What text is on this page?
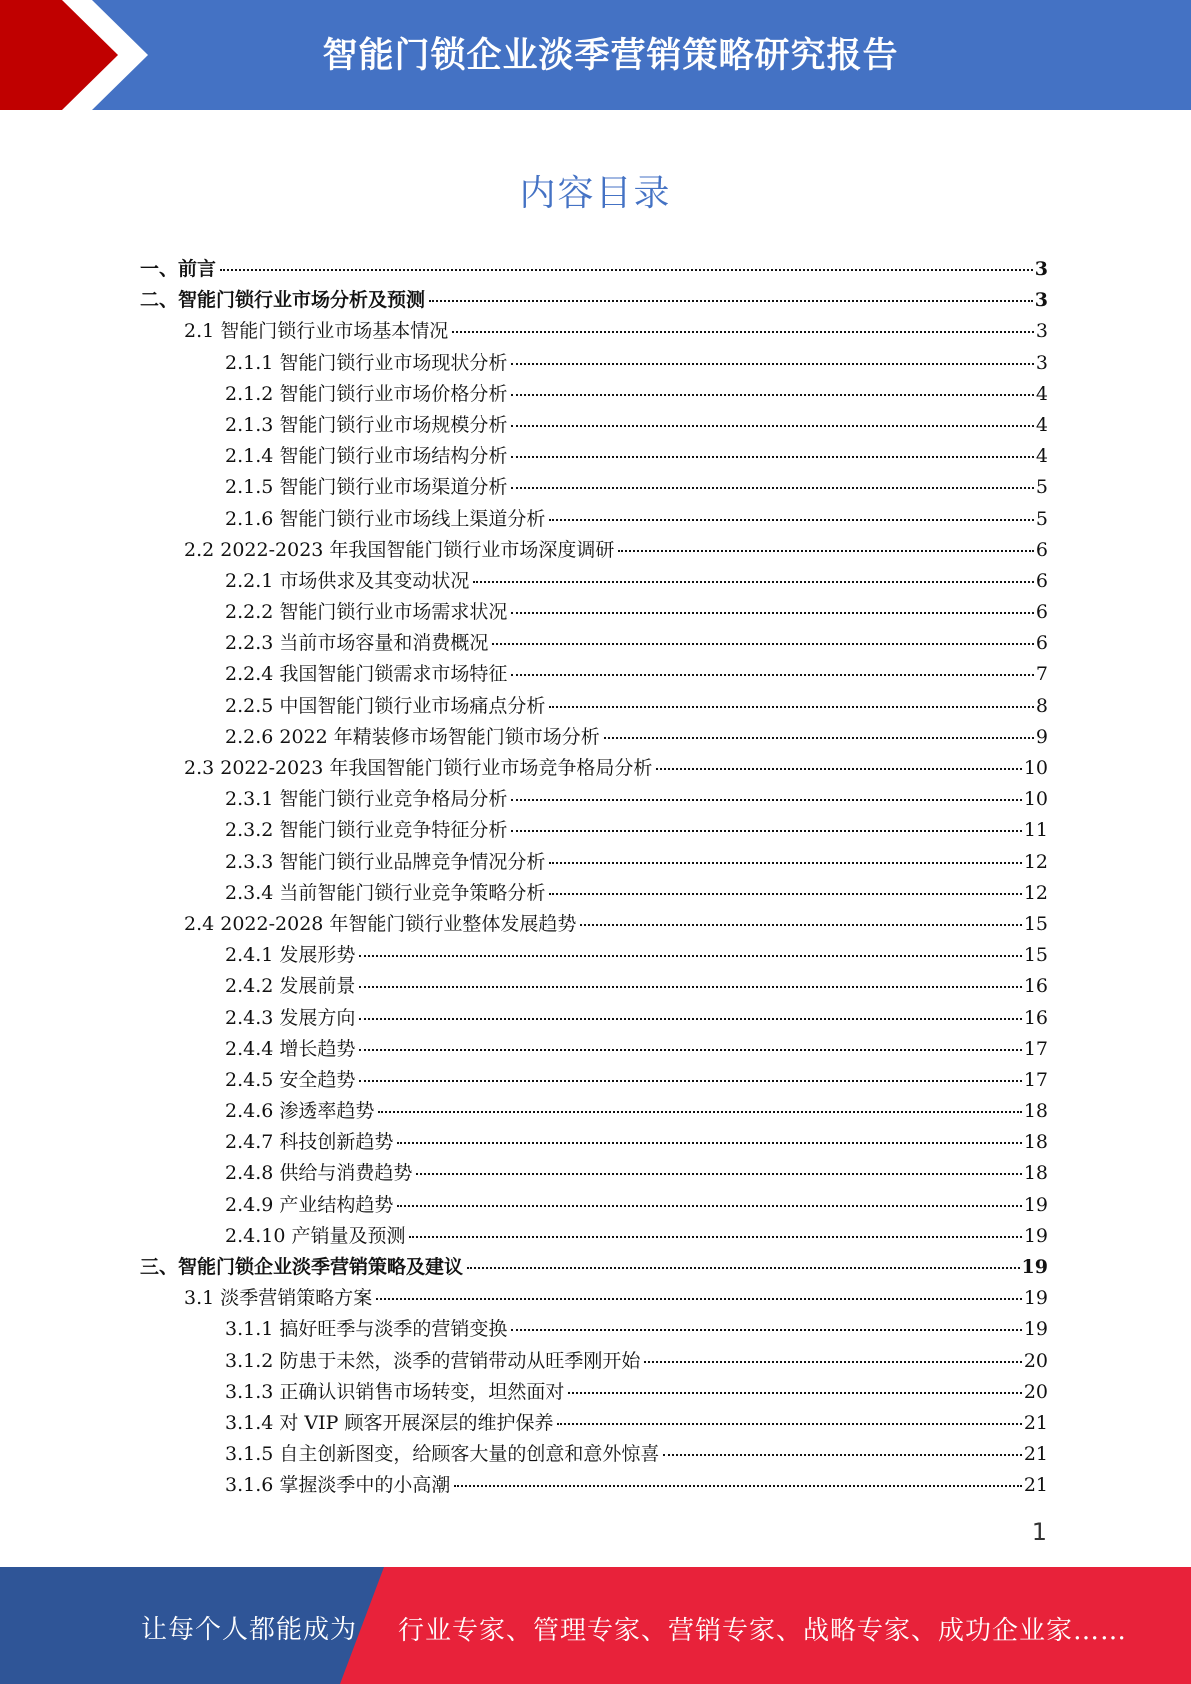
智能门锁企业淡季营销策略研究报告
内容目录
一、前言	3
二、智能门锁行业市场分析及预测	3
2.1 智能门锁行业市场基本情况	3
2.1.1 智能门锁行业市场现状分析	3
2.1.2 智能门锁行业市场价格分析	4
2.1.3 智能门锁行业市场规模分析	4
2.1.4 智能门锁行业市场结构分析	4
2.1.5 智能门锁行业市场渠道分析	5
2.1.6 智能门锁行业市场线上渠道分析	5
2.2 2022-2023 年我国智能门锁行业市场深度调研	6
2.2.1 市场供求及其变动状况	6
2.2.2 智能门锁行业市场需求状况	6
2.2.3 当前市场容量和消费概况	6
2.2.4 我国智能门锁需求市场特征	7
2.2.5 中国智能门锁行业市场痛点分析	8
2.2.6 2022 年精装修市场智能门锁市场分析	9
2.3 2022-2023 年我国智能门锁行业市场竞争格局分析	10
2.3.1 智能门锁行业竞争格局分析	10
2.3.2 智能门锁行业竞争特征分析	11
2.3.3 智能门锁行业品牌竞争情况分析	12
2.3.4 当前智能门锁行业竞争策略分析	12
2.4 2022-2028 年智能门锁行业整体发展趋势	15
2.4.1 发展形势	15
2.4.2 发展前景	16
2.4.3 发展方向	16
2.4.4 增长趋势	17
2.4.5 安全趋势	17
2.4.6 渗透率趋势	18
2.4.7 科技创新趋势	18
2.4.8 供给与消费趋势	18
2.4.9 产业结构趋势	19
2.4.10 产销量及预测	19
三、智能门锁企业淡季营销策略及建议	19
3.1 淡季营销策略方案	19
3.1.1 搞好旺季与淡季的营销变换	19
3.1.2 防患于未然，淡季的营销带动从旺季刚开始	20
3.1.3 正确认识销售市场转变，坦然面对	20
3.1.4 对 VIP 顾客开展深层的维护保养	21
3.1.5 自主创新图变，给顾客大量的创意和意外惊喜	21
3.1.6 掌握淡季中的小高潮	21
1
让每个人都能成为 行业专家、管理专家、营销专家、战略专家、成功企业家……
